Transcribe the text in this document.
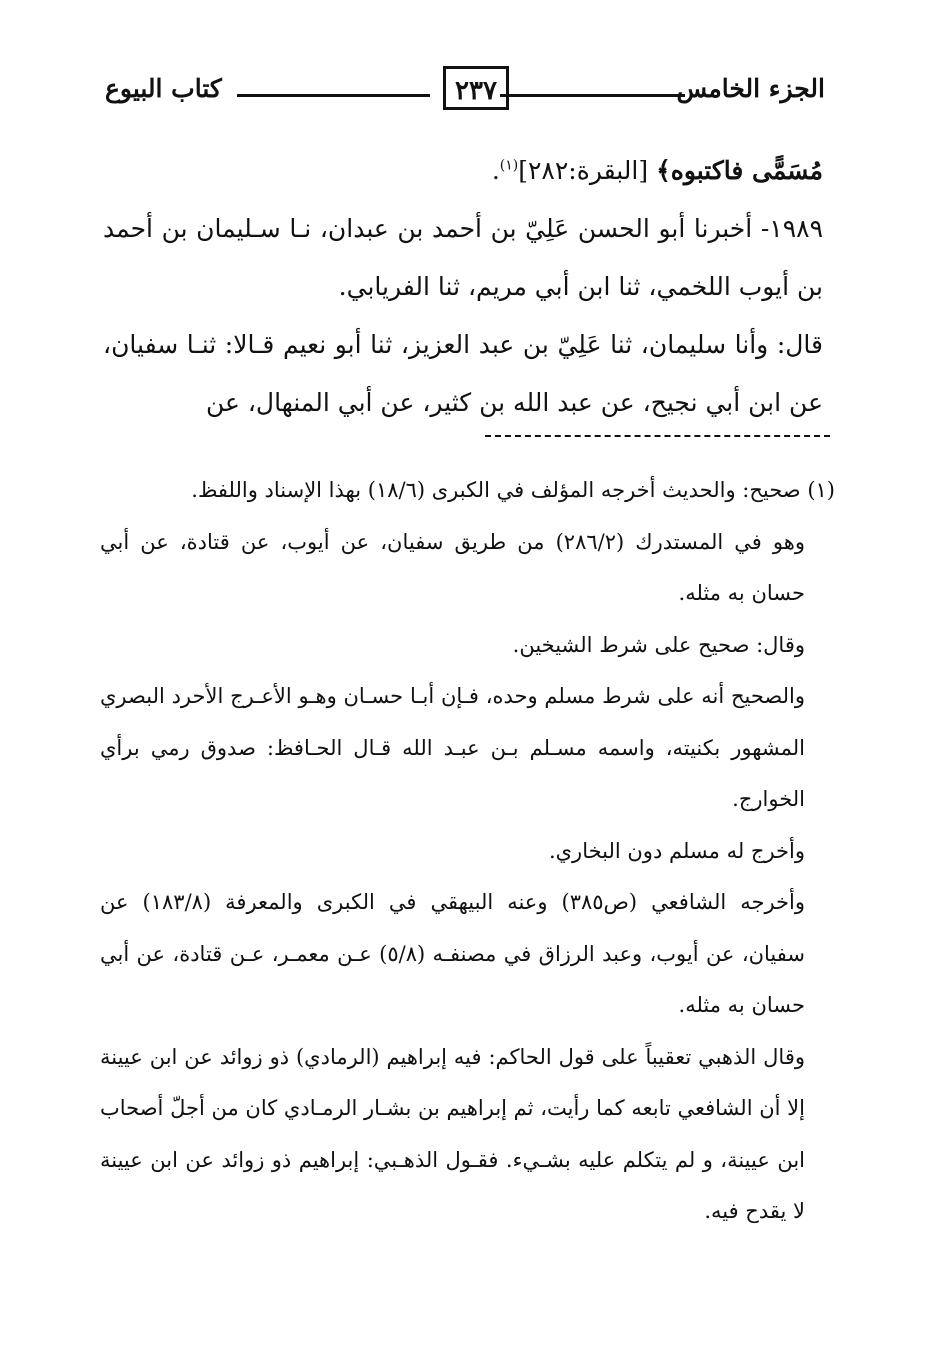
الجزء الخامس
٢٣٧
كتاب البيوع

مُسَمًّى فاكتبوه﴾ [البقرة:٢٨٢]$^{(١)}$.

١٩٨٩- أخبرنا أبو الحسن عَلِيّ بن أحمد بن عبدان، نـا سـليمان بن أحمد بن أيوب اللخمي، ثنا ابن أبي مريم، ثنا الفريابي.

قال: وأنا سليمان، ثنا عَلِيّ بن عبد العزيز، ثنا أبو نعيم قـالا: ثنـا سفيان، عن ابن أبي نجيح، عن عبد الله بن كثير، عن أبي المنهال، عن

(١) صحيح: والحديث أخرجه المؤلف في الكبرى (١٨/٦) بهذا الإسناد واللفظ.

وهو في المستدرك (٢٨٦/٢) من طريق سفيان، عن أيوب، عن قتادة، عن أبي حسان به مثله.

وقال: صحيح على شرط الشيخين.

والصحيح أنه على شرط مسلم وحده، فـإن أبـا حسـان وهـو الأعـرج الأحرد البصري المشهور بكنيته، واسمه مسـلم بـن عبـد الله قـال الحـافظ: صدوق رمي برأي الخوارج.

وأخرج له مسلم دون البخاري.

وأخرجه الشافعي (ص٣٨٥) وعنه البيهقي في الكبرى والمعرفة (١٨٣/٨) عن سفيان، عن أيوب، وعبد الرزاق في مصنفـه (٥/٨) عـن معمـر، عـن قتادة، عن أبي حسان به مثله.

وقال الذهبي تعقيباً على قول الحاكم: فيه إبراهيم (الرمادي) ذو زوائد عن ابن عيينة إلا أن الشافعي تابعه كما رأيت، ثم إبراهيم بن بشـار الرمـادي كان من أجلّ أصحاب ابن عيينة، و لم يتكلم عليه بشـيء. فقـول الذهـبي: إبراهيم ذو زوائد عن ابن عيينة لا يقدح فيه.
